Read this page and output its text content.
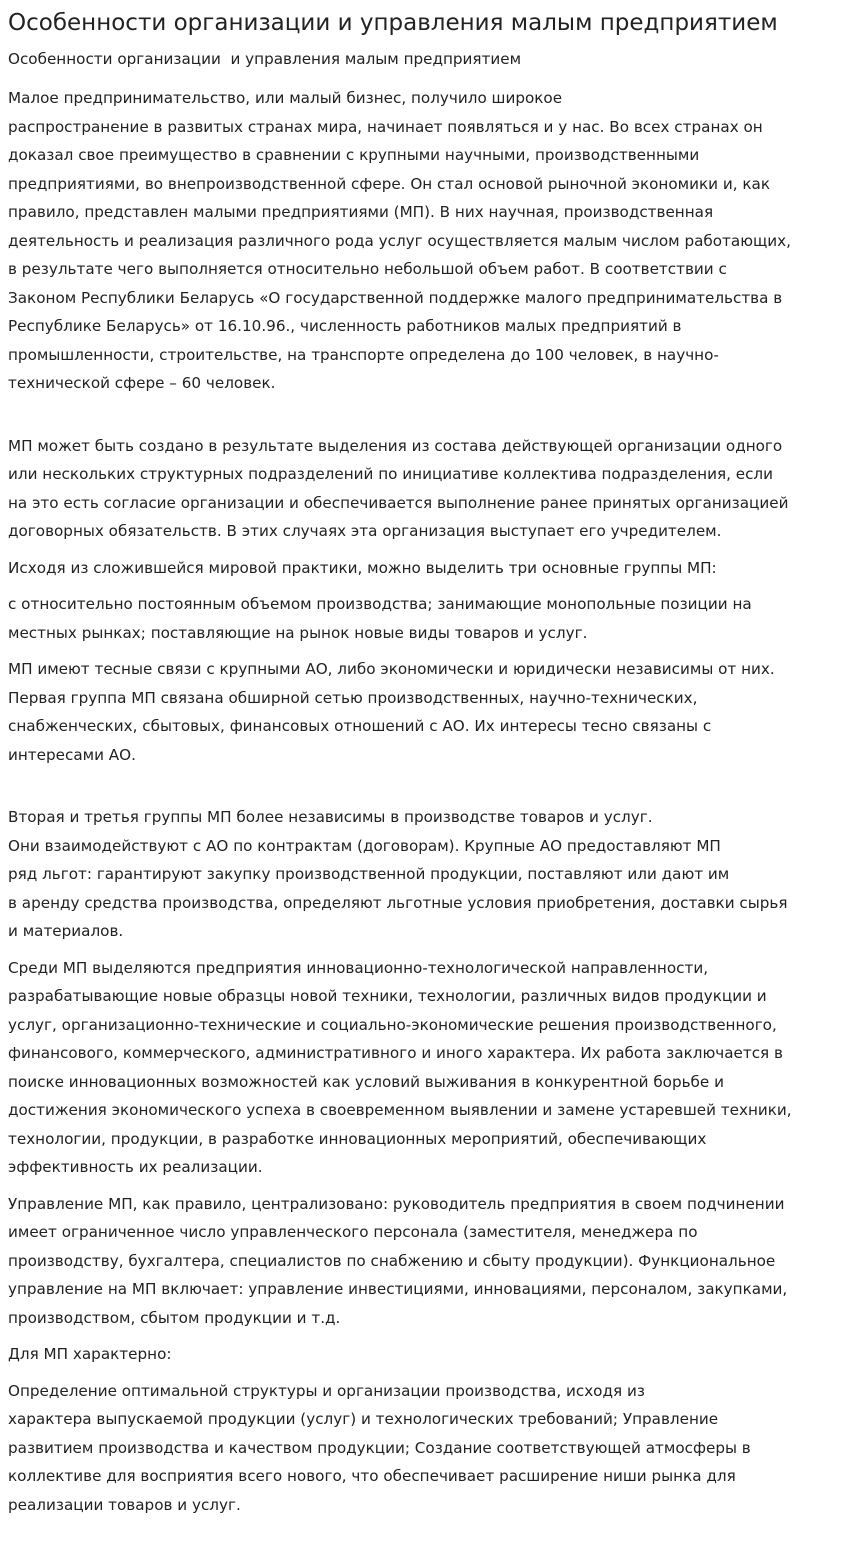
Особенности организации и управления малым предприятием
Особенности организации  и управления малым предприятием

Малое предпринимательство, или малый бизнес, получило широкое
распространение в развитых странах мира, начинает появляться и у нас. Во всех странах он
доказал свое преимущество в сравнении с крупными научными, производственными
предприятиями, во внепроизводственной сфере. Он стал основой рыночной экономики и, как
правило, представлен малыми предприятиями (МП). В них научная, производственная
деятельность и реализация различного рода услуг осуществляется малым числом работающих,
в результате чего выполняется относительно небольшой объем работ. В соответствии с
Законом Республики Беларусь «О государственной поддержке малого предпринимательства в
Республике Беларусь» от 16.10.96., численность работников малых предприятий в
промышленности, строительстве, на транспорте определена до 100 человек, в научно-
технической сфере – 60 человек.

МП может быть создано в результате выделения из состава действующей организации одного
или нескольких структурных подразделений по инициативе коллектива подразделения, если
на это есть согласие организации и обеспечивается выполнение ранее принятых организацией
договорных обязательств. В этих случаях эта организация выступает его учредителем.

Исходя из сложившейся мировой практики, можно выделить три основные группы МП:

с относительно постоянным объемом производства; занимающие монопольные позиции на
местных рынках; поставляющие на рынок новые виды товаров и услуг.

МП имеют тесные связи с крупными АО, либо экономически и юридически независимы от них.
Первая группа МП связана обширной сетью производственных, научно-технических,
снабженческих, сбытовых, финансовых отношений с АО. Их интересы тесно связаны с
интересами АО.

Вторая и третья группы МП более независимы в производстве товаров и услуг.
Они взаимодействуют с АО по контрактам (договорам). Крупные АО предоставляют МП
ряд льгот: гарантируют закупку производственной продукции, поставляют или дают им
в аренду средства производства, определяют льготные условия приобретения, доставки сырья
и материалов.

Среди МП выделяются предприятия инновационно-технологической направленности,
разрабатывающие новые образцы новой техники, технологии, различных видов продукции и
услуг, организационно-технические и социально-экономические решения производственного,
финансового, коммерческого, административного и иного характера. Их работа заключается в
поиске инновационных возможностей как условий выживания в конкурентной борьбе и
достижения экономического успеха в своевременном выявлении и замене устаревшей техники,
технологии, продукции, в разработке инновационных мероприятий, обеспечивающих
эффективность их реализации.

Управление МП, как правило, централизовано: руководитель предприятия в своем подчинении
имеет ограниченное число управленческого персонала (заместителя, менеджера по
производству, бухгалтера, специалистов по снабжению и сбыту продукции). Функциональное
управление на МП включает: управление инвестициями, инновациями, персоналом, закупками,
производством, сбытом продукции и т.д.

Для МП характерно:

Определение оптимальной структуры и организации производства, исходя из
характера выпускаемой продукции (услуг) и технологических требований; Управление
развитием производства и качеством продукции; Создание соответствующей атмосферы в
коллективе для восприятия всего нового, что обеспечивает расширение ниши рынка для
реализации товаров и услуг.
